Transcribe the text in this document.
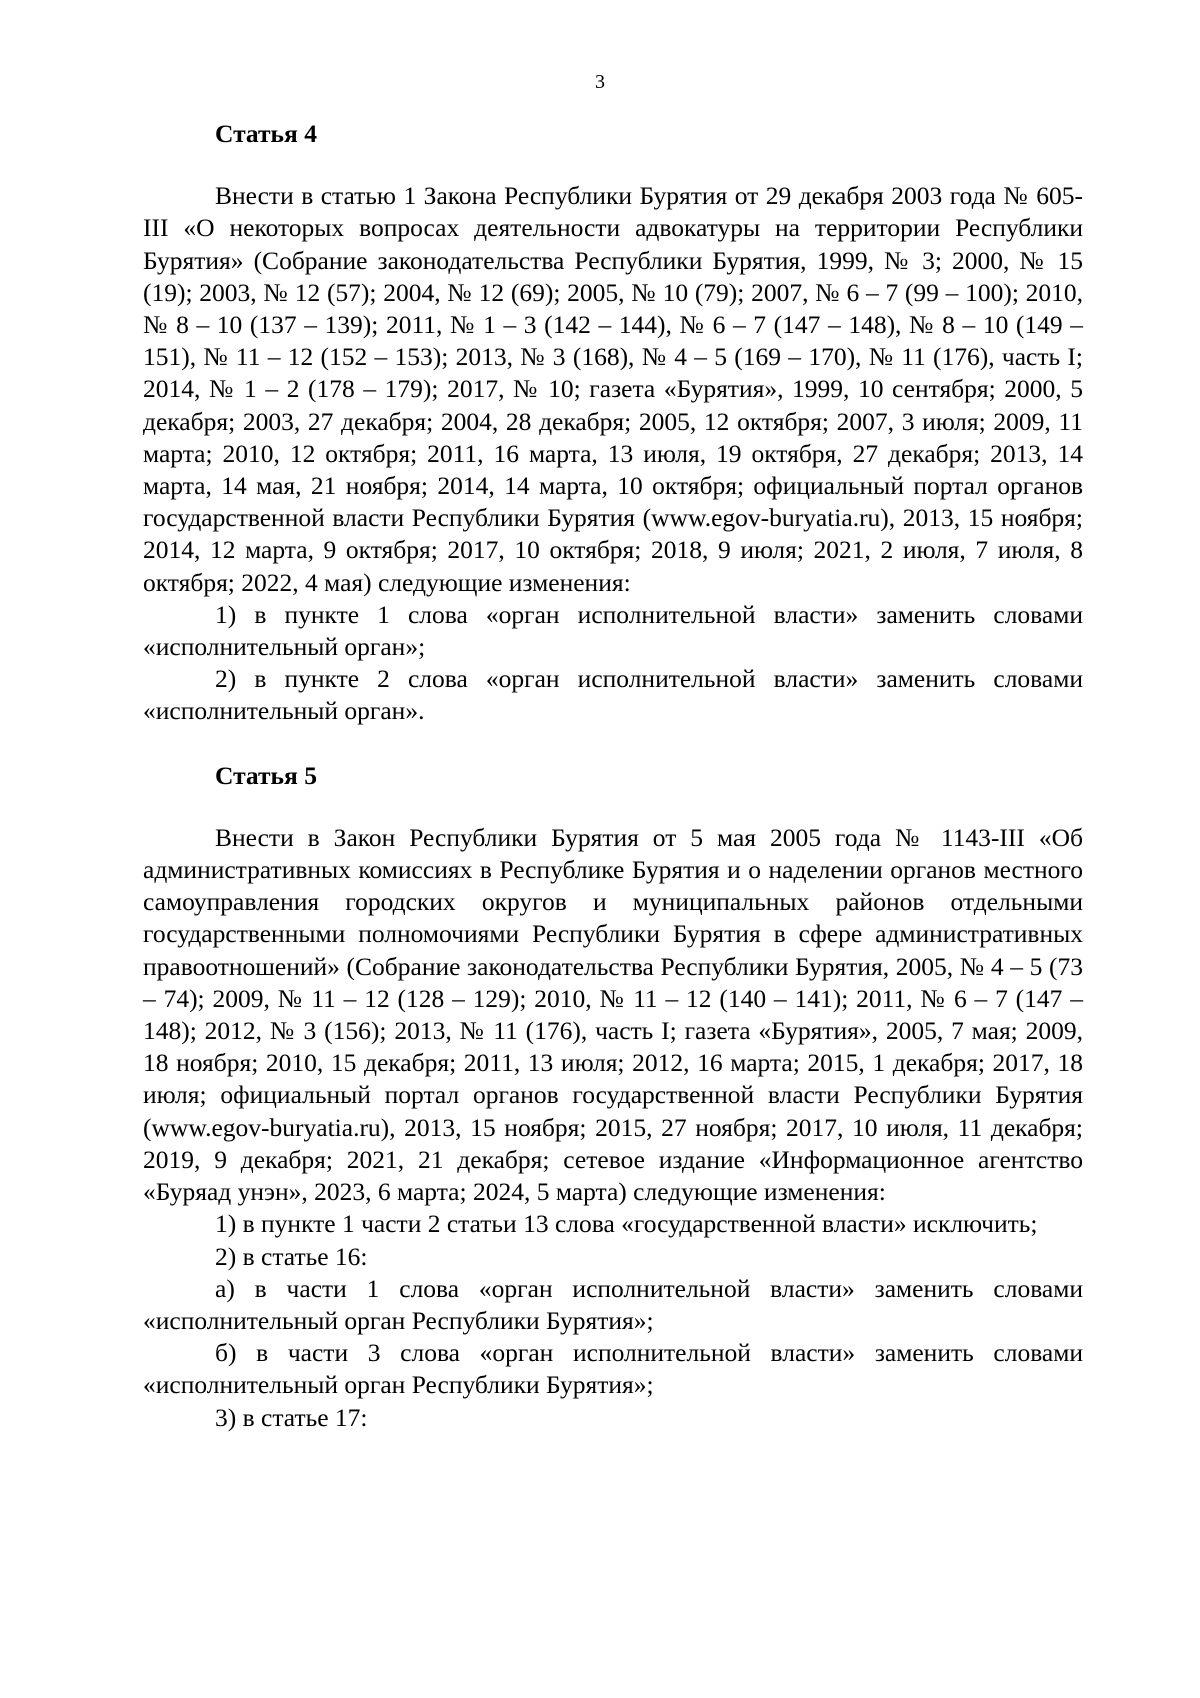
3

Статья 4

Внести в статью 1 Закона Республики Бурятия от 29 декабря 2003 года № 605-III «О некоторых вопросах деятельности адвокатуры на территории Республики Бурятия» (Собрание законодательства Республики Бурятия, 1999, № 3; 2000, № 15 (19); 2003, № 12 (57); 2004, № 12 (69); 2005, № 10 (79); 2007, № 6 – 7 (99 – 100); 2010, № 8 – 10 (137 – 139); 2011, № 1 – 3 (142 – 144), № 6 – 7 (147 – 148), № 8 – 10 (149 – 151), № 11 – 12 (152 – 153); 2013, № 3 (168), № 4 – 5 (169 – 170), № 11 (176), часть I; 2014, № 1 – 2 (178 – 179); 2017, № 10; газета «Бурятия», 1999, 10 сентября; 2000, 5 декабря; 2003, 27 декабря; 2004, 28 декабря; 2005, 12 октября; 2007, 3 июля; 2009, 11 марта; 2010, 12 октября; 2011, 16 марта, 13 июля, 19 октября, 27 декабря; 2013, 14 марта, 14 мая, 21 ноября; 2014, 14 марта, 10 октября; официальный портал органов государственной власти Республики Бурятия (www.egov-buryatia.ru), 2013, 15 ноября; 2014, 12 марта, 9 октября; 2017, 10 октября; 2018, 9 июля; 2021, 2 июля, 7 июля, 8 октября; 2022, 4 мая) следующие изменения:

1) в пункте 1 слова «орган исполнительной власти» заменить словами «исполнительный орган»;

2) в пункте 2 слова «орган исполнительной власти» заменить словами «исполнительный орган».

Статья 5

Внести в Закон Республики Бурятия от 5 мая 2005 года № 1143-III «Об административных комиссиях в Республике Бурятия и о наделении органов местного самоуправления городских округов и муниципальных районов отдельными государственными полномочиями Республики Бурятия в сфере административных правоотношений» (Собрание законодательства Республики Бурятия, 2005, № 4 – 5 (73 – 74); 2009, № 11 – 12 (128 – 129); 2010, № 11 – 12 (140 – 141); 2011, № 6 – 7 (147 – 148); 2012, № 3 (156); 2013, № 11 (176), часть I; газета «Бурятия», 2005, 7 мая; 2009, 18 ноября; 2010, 15 декабря; 2011, 13 июля; 2012, 16 марта; 2015, 1 декабря; 2017, 18 июля; официальный портал органов государственной власти Республики Бурятия (www.egov-buryatia.ru), 2013, 15 ноября; 2015, 27 ноября; 2017, 10 июля, 11 декабря; 2019, 9 декабря; 2021, 21 декабря; сетевое издание «Информационное агентство «Буряад унэн», 2023, 6 марта; 2024, 5 марта) следующие изменения:

1) в пункте 1 части 2 статьи 13 слова «государственной власти» исключить;

2) в статье 16:

а) в части 1 слова «орган исполнительной власти» заменить словами «исполнительный орган Республики Бурятия»;

б) в части 3 слова «орган исполнительной власти» заменить словами «исполнительный орган Республики Бурятия»;

3) в статье 17:
